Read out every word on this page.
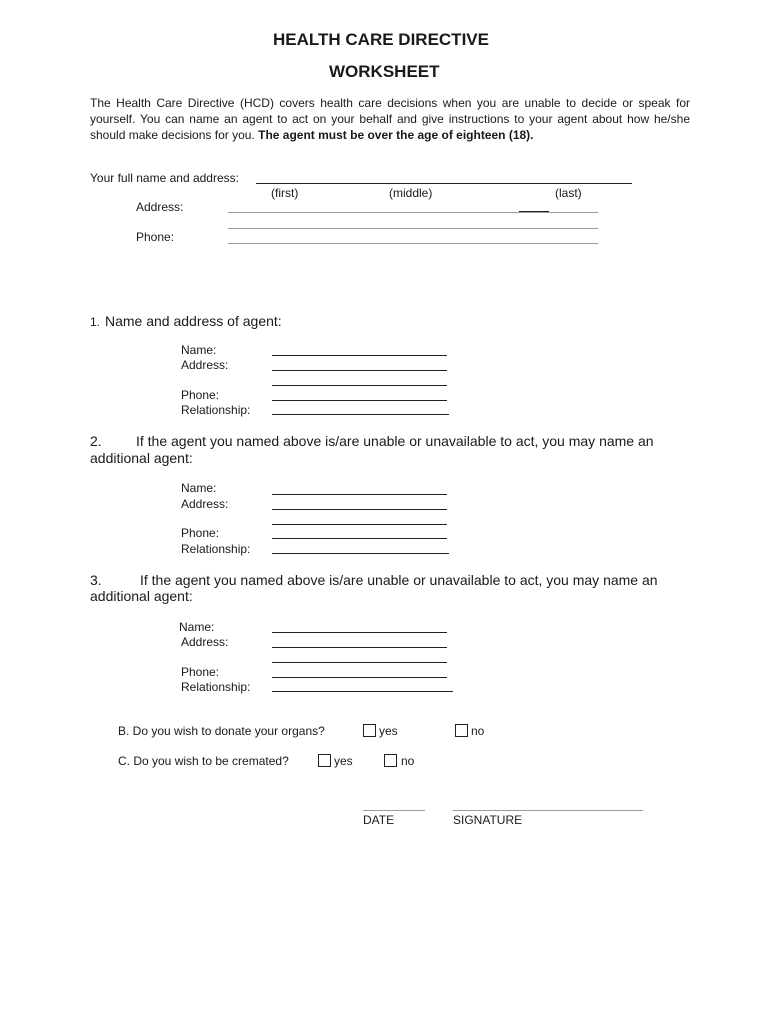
HEALTH CARE DIRECTIVE
WORKSHEET
The Health Care Directive (HCD) covers health care decisions when you are unable to decide or speak for yourself. You can name an agent to act on your behalf and give instructions to your agent about how he/she should make decisions for you. The agent must be over the age of eighteen (18).
Your full name and address:
(first)	(middle)	(last)
Address:
Phone:
1. Name and address of agent:
Name:
Address:
Phone:
Relationship:
2. If the agent you named above is/are unable or unavailable to act, you may name an
additional agent:
Name:
Address:
Phone:
Relationship:
3.	If the agent you named above is/are unable or unavailable to act, you may name an
additional agent:
Name:
Address:
Phone:
Relationship:
B. Do you wish to donate your organs?	yes	no
C. Do you wish to be cremated?	yes	no
DATE	SIGNATURE
